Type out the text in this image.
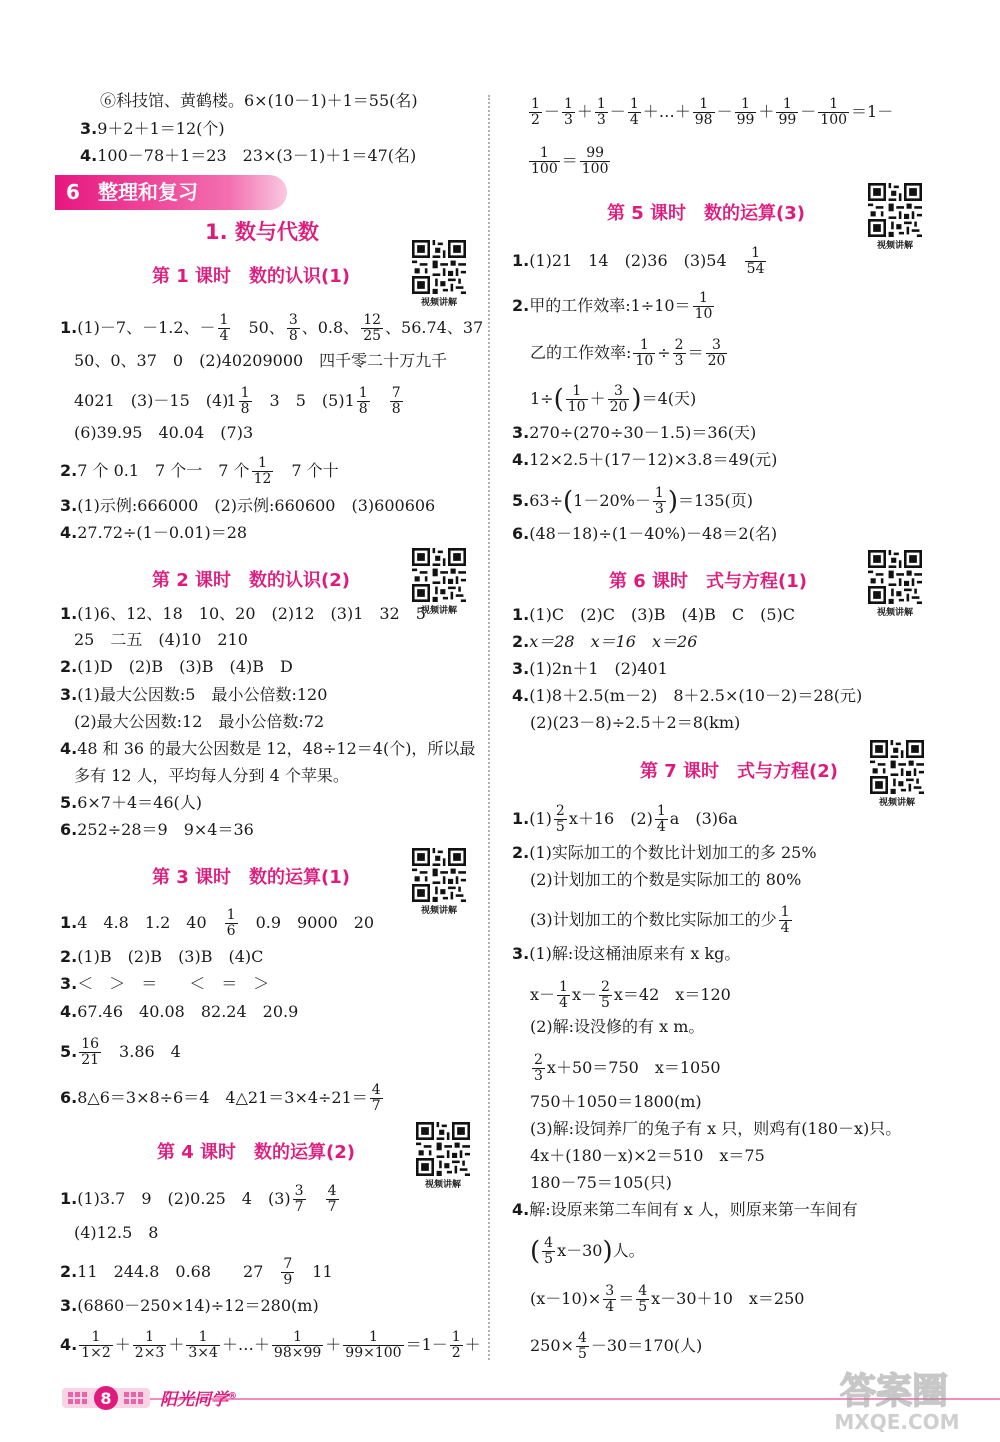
⑥科技馆、黄鹤楼。6×(10－1)＋1＝55(名)
3.9＋2＋1＝12(个)
4.100－78＋1＝23　23×(3－1)＋1＝47(名)
6 整理和复习
1. 数与代数
第 1 课时　数的认识(1)
视频讲解
1.(1)－7、－1.2、－ $\frac{1}{4}$ 　50、 $\frac{3}{8}$ 、0.8、 $\frac{12}{25}$ 、56.74、37
50、0、37　0　(2)40209000　四千零二十万九千
4021　(3)－15　$(4)1 \frac{1}{8}$ 　3　5　$(5)1 \frac{1}{8}$
　 $\frac{7}{8}$
(6)39.95　40.04　(7)3
2.7 个 0.1　7 个一　7 个 $\frac{1}{12}$ 　7 个十
3.(1)示例:666000　(2)示例:660600　(3)600606
4.27.72÷(1－0.01)＝28
第 2 课时　数的认识(2)
视频讲解
1.(1)6、12、18　10、20　(2)12　(3)1　32　5
25　二五　(4)10　210
2.(1)D　(2)B　(3)B　(4)B　D
3.(1)最大公因数:5　最小公倍数:120
(2)最大公因数:12　最小公倍数:72
4.48 和 36 的最大公因数是 12，48÷12＝4(个)，所以最
多有 12 人，平均每人分到 4 个苹果。
5.6×7＋4＝46(人)
6.252÷28＝9　9×4＝36
第 3 课时　数的运算(1)
视频讲解
1.4　4.8　1.2　40　 $\frac{1}{6}$ 　0.9　9000　20
2.(1)B　(2)B　(3)B　(4)C
3.＜　＞　＝　　＜　＝　＞
4.67.46　40.08　82.24　20.9
5. $\frac{16}{21}$ 　3.86　4
6.8△6＝3×8÷6＝4　4△21＝3×4÷21＝ $\frac{4}{7}$
第 4 课时　数的运算(2)
视频讲解
1.(1)3.7　9　(2)0.25　4　$(3) \frac{3}{7}$
　 $\frac{4}{7}$
(4)12.5　8
2.11　244.8　0.68　　27　 $\frac{7}{9}$ 　11
3.(6860－250×14)÷12＝280(m)
4. $\frac{1}{1\times 2} + \frac{1}{2\times 3} + \frac{1}{3\times 4}$ ＋…＋ $\frac{1}{98\times 99} + \frac{1}{99\times 100} =1- \frac{1}{2}$ ＋
$\frac{1}{2} - \frac{1}{3} + \frac{1}{3} - \frac{1}{4}$ ＋…＋ $\frac{1}{98} - \frac{1}{99} + \frac{1}{99} - \frac{1}{100} =1-$
$\frac{1}{100} = \frac{99}{100}$
第 5 课时　数的运算(3)
视频讲解
1.(1)21　14　(2)36　(3)54　 $\frac{1}{54}$
2.甲的工作效率:1÷10＝ $\frac{1}{10}$
乙的工作效率: $\frac{1}{10} \div \frac{2}{3} = \frac{3}{20}$
$1\div( \frac{1}{10} + \frac{3}{20} )=4$(天)
3.270÷(270÷30－1.5)＝36(天)
4.12×2.5＋(17－12)×3.8＝49(元)
$5.63\div(1-20\%- \frac{1}{3} )=135$(页)
6.(48－18)÷(1－40%)－48＝2(名)
第 6 课时　式与方程(1)
视频讲解
1.(1)C　(2)C　(3)B　(4)B　C　(5)C
2.x＝28　x＝16　x＝26
3.(1)2n＋1　(2)401
4.(1)8＋2.5(m－2)　8＋2.5×(10－2)＝28(元)
(2)(23－8)÷2.5＋2＝8(km)
第 7 课时　式与方程(2)
视频讲解
$1.(1) \frac{2}{5} x+16$　$(2) \frac{1}{4}$ a　(3)6a
2.(1)实际加工的个数比计划加工的多 25%
(2)计划加工的个数是实际加工的 80%
(3)计划加工的个数比实际加工的少 $\frac{1}{4}$
3.(1)解:设这桶油原来有 x kg。
$x- \frac{1}{4} x- \frac{2}{5} x=42$　x＝120
(2)解:设没修的有 x m。
$\frac{2}{3} x+50=750$　x＝1050
750＋1050＝1800(m)
(3)解:设饲养厂的兔子有 x 只，则鸡有(180－x)只。
4x＋(180－x)×2＝510　x＝75
180－75＝105(只)
4.解:设原来第二车间有 x 人，则原来第一车间有
( $\frac{4}{5} x-30$)人。
$(x-10)\times \frac{3}{4} = \frac{4}{5} x-30+10$　x＝250
$250\times \frac{4}{5} -30=170$(人)
8	阳光同学®	答案圈
MXQE.COM
